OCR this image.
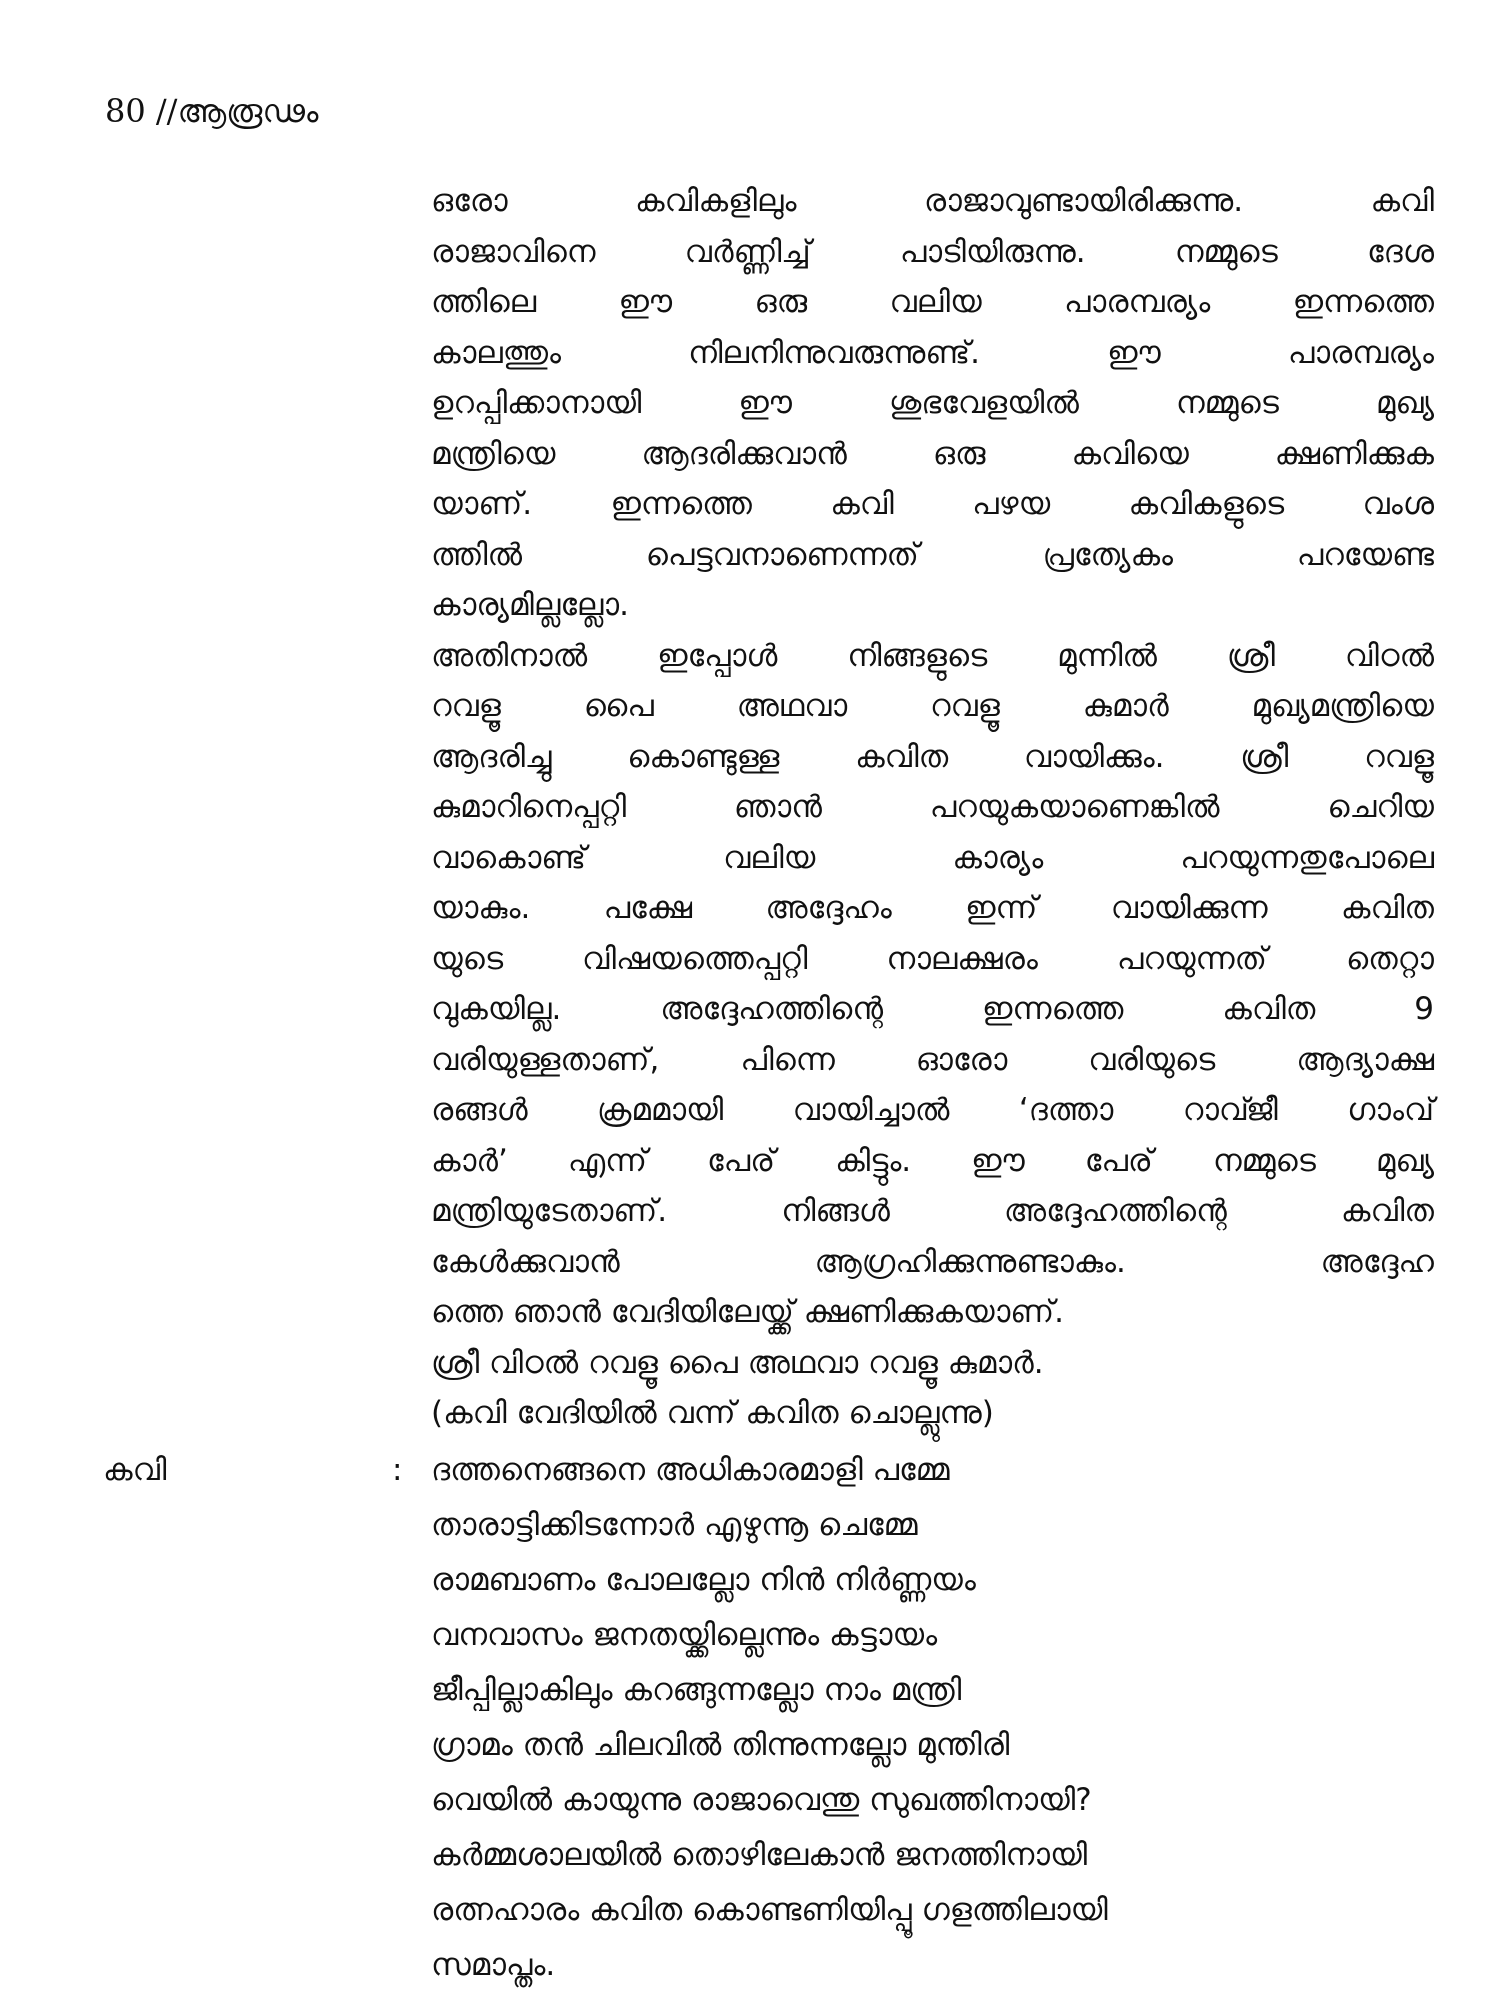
80 //ആരൂഢം
ഒരോ കവികളിലും രാജാവുണ്ടായിരിക്കുന്നു. കവി
രാജാവിനെ വർണ്ണിച്ച് പാടിയിരുന്നു. നമ്മുടെ ദേശ
ത്തിലെ ഈ ഒരു വലിയ പാരമ്പര്യം ഇന്നത്തെ
കാലത്തും നിലനിന്നുവരുന്നുണ്ട്. ഈ പാരമ്പര്യം
ഉറപ്പിക്കാനായി ഈ ശുഭവേളയിൽ നമ്മുടെ മുഖ്യ
മന്ത്രിയെ ആദരിക്കുവാൻ ഒരു കവിയെ ക്ഷണിക്കുക
യാണ്. ഇന്നത്തെ കവി പഴയ കവികളുടെ വംശ
ത്തിൽ പെട്ടവനാണെന്നത് പ്രത്യേകം പറയേണ്ട
കാര്യമില്ലല്ലോ.
അതിനാൽ ഇപ്പോൾ നിങ്ങളുടെ മുന്നിൽ ശ്രീ വിഠൽ
റവളൂ പൈ അഥവാ റവളൂ കുമാർ മുഖ്യമന്ത്രിയെ
ആദരിച്ചു കൊണ്ടുള്ള കവിത വായിക്കും. ശ്രീ റവളൂ
കുമാറിനെപ്പറ്റി ഞാൻ പറയുകയാണെങ്കിൽ ചെറിയ
വാകൊണ്ട് വലിയ കാര്യം പറയുന്നതുപോലെ
യാകും. പക്ഷേ അദ്ദേഹം ഇന്ന് വായിക്കുന്ന കവിത
യുടെ വിഷയത്തെപ്പറ്റി നാലക്ഷരം പറയുന്നത് തെറ്റാ
വുകയില്ല. അദ്ദേഹത്തിന്റെ ഇന്നത്തെ കവിത 9
വരിയുള്ളതാണ്, പിന്നെ ഓരോ വരിയുടെ ആദ്യാക്ഷ
രങ്ങൾ ക്രമമായി വായിച്ചാൽ ‘ദത്താ റാവ്ജീ ഗാംവ്
കാർ’ എന്ന് പേര് കിട്ടും. ഈ പേര് നമ്മുടെ മുഖ്യ
മന്ത്രിയുടേതാണ്. നിങ്ങൾ അദ്ദേഹത്തിന്റെ കവിത
കേൾക്കുവാൻ ആഗ്രഹിക്കുന്നുണ്ടാകും. അദ്ദേഹ
ത്തെ ഞാൻ വേദിയിലേയ്ക്ക് ക്ഷണിക്കുകയാണ്.
ശ്രീ വിഠൽ റവളൂ പൈ അഥവാ റവളൂ കുമാർ.
(കവി വേദിയിൽ വന്ന് കവിത ചൊല്ലുന്നു)
കവി	: ദത്തനെങ്ങനെ അധികാരമാളി പമ്മേ
താരാട്ടിക്കിടന്നോർ എഴുന്നൂ ചെമ്മേ
രാമബാണം പോലല്ലോ നിൻ നിർണ്ണയം
വനവാസം ജനതയ്ക്കില്ലെന്നും കട്ടായം
ജീപ്പില്ലാകിലും കറങ്ങുന്നല്ലോ നാം മന്ത്രി
ഗ്രാമം തൻ ചിലവിൽ തിന്നുന്നല്ലോ മുന്തിരി
വെയിൽ കായുന്നു രാജാവെന്തു സുഖത്തിനായി?
കർമ്മശാലയിൽ തൊഴിലേകാൻ ജനത്തിനായി
രത്നഹാരം കവിത കൊണ്ടണിയിപ്പൂ ഗളത്തിലായി
സമാപ്തം.
